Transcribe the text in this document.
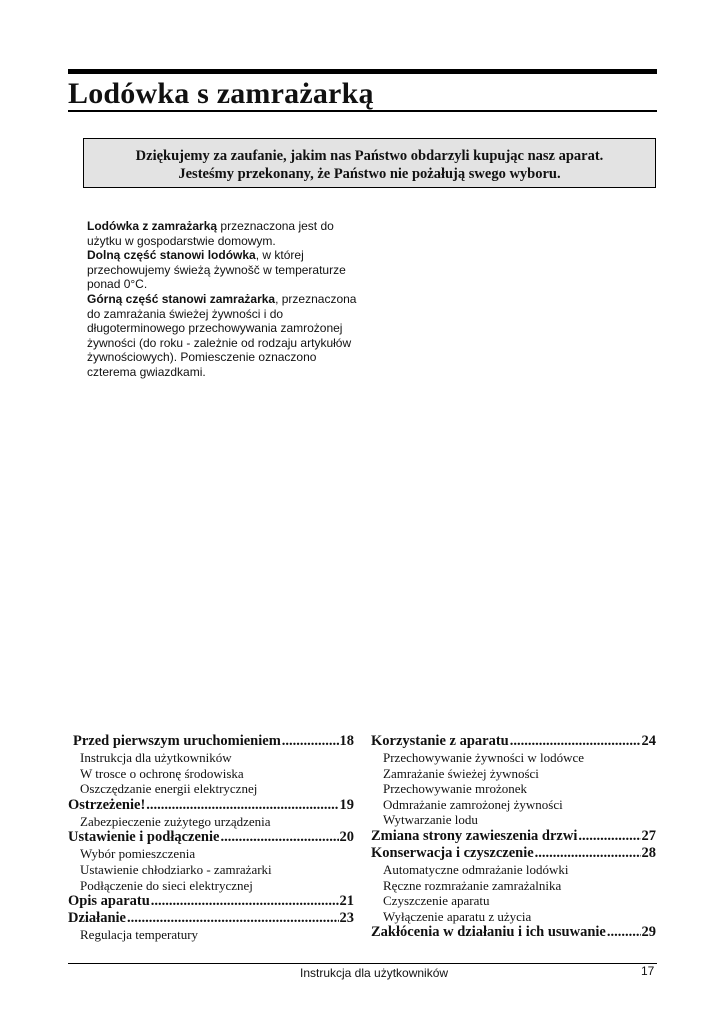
Lodówka s zamrażarką
Dziękujemy za zaufanie, jakim nas Państwo obdarzyli kupując nasz aparat.
Jesteśmy przekonany, że Państwo nie pożałują swego wyboru.
Lodówka z zamrażarką przeznaczona jest do użytku w gospodarstwie domowym.
Dolną część stanowi lodówka, w której przechowujemy świeżą żywnošč w temperaturze ponad 0°C.
Górną część stanowi zamrażarka, przeznaczona do zamrażania świeżej żywności i do długoterminowego przechowywania zamrożonej żywności (do roku - zależnie od rodzaju artykułów żywnościowych). Pomiesczenie oznaczono czterema gwiazdkami.
Przed pierwszym uruchomieniem .....	18
Instrukcja dla użytkowników
W trosce o ochronę środowiska
Oszczędzanie energii elektrycznej
Ostrzeżenie! .....	19
Zabezpieczenie zużytego urządzenia
Ustawienie i podłączenie .....	20
Wybór pomieszczenia
Ustawienie chłodziarko - zamrażarki
Podłączenie do sieci elektrycznej
Opis aparatu .....	21
Działanie .....	23
Regulacja temperatury
Korzystanie z aparatu .....	24
Przechowywanie żywności w lodówce
Zamrażanie świeżej żywności
Przechowywanie mrożonek
Odmrażanie zamrożonej żywności
Wytwarzanie lodu
Zmiana strony zawieszenia drzwi .....	27
Konserwacja i czyszczenie .....	28
Automatyczne odmrażanie lodówki
Ręczne rozmrażanie zamrażalnika
Czyszczenie aparatu
Wyłączenie aparatu z użycia
Zakłócenia w działaniu i ich usuwanie ..... 29
Instrukcja dla użytkowników	17
